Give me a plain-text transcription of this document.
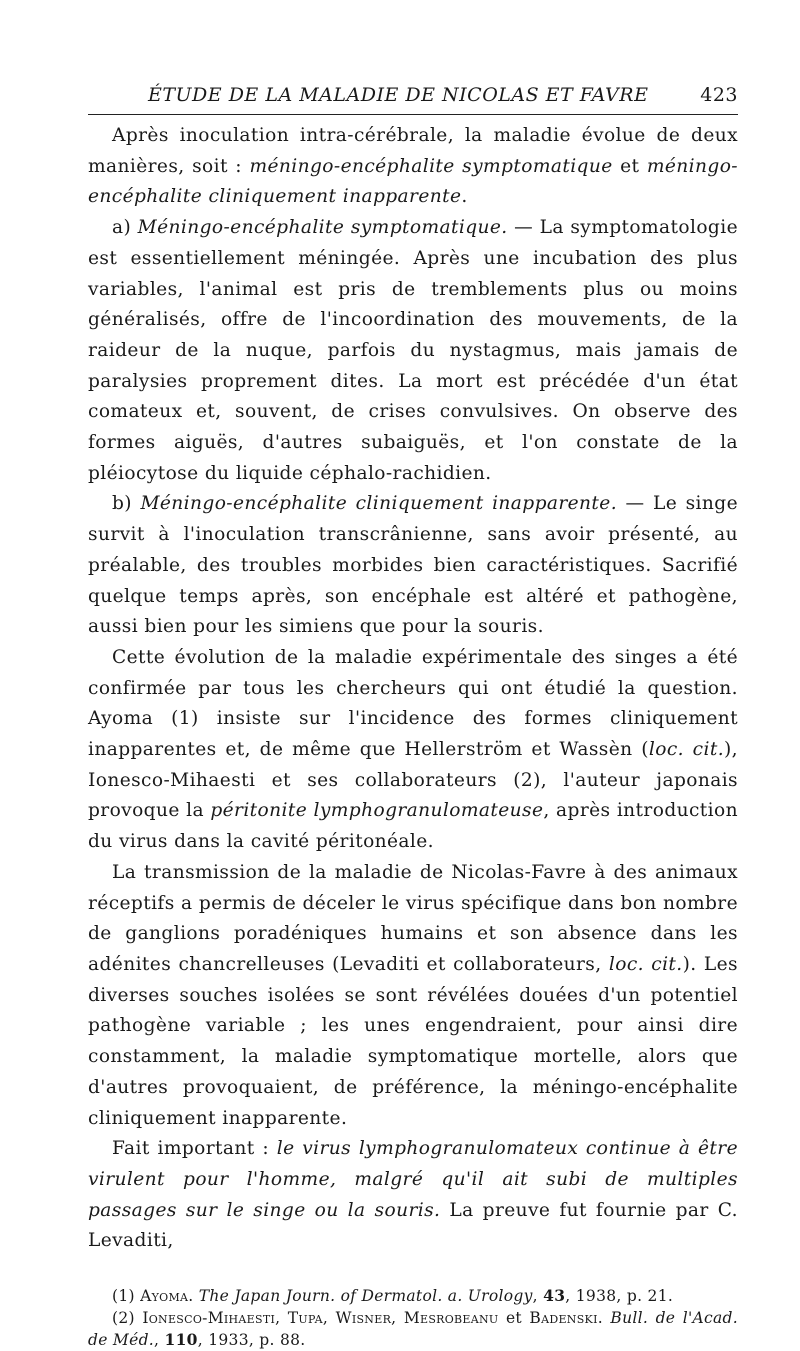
ÉTUDE DE LA MALADIE DE NICOLAS ET FAVRE	423

Après inoculation intra-cérébrale, la maladie évolue de deux manières, soit : méningo-encéphalite symptomatique et méningo-encéphalite cliniquement inapparente.

a) Méningo-encéphalite symptomatique. — La symptomatologie est essentiellement méningée. Après une incubation des plus variables, l'animal est pris de tremblements plus ou moins généralisés, offre de l'incoordination des mouvements, de la raideur de la nuque, parfois du nystagmus, mais jamais de paralysies proprement dites. La mort est précédée d'un état comateux et, souvent, de crises convulsives. On observe des formes aiguës, d'autres subaiguës, et l'on constate de la pléiocytose du liquide céphalo-rachidien.

b) Méningo-encéphalite cliniquement inapparente. — Le singe survit à l'inoculation transcrânienne, sans avoir présenté, au préalable, des troubles morbides bien caractéristiques. Sacrifié quelque temps après, son encéphale est altéré et pathogène, aussi bien pour les simiens que pour la souris.

Cette évolution de la maladie expérimentale des singes a été confirmée par tous les chercheurs qui ont étudié la question. Ayoma (1) insiste sur l'incidence des formes cliniquement inapparentes et, de même que Hellerström et Wassèn (loc. cit.), Ionesco-Mihaesti et ses collaborateurs (2), l'auteur japonais provoque la péritonite lymphogranulomateuse, après introduction du virus dans la cavité péritonéale.

La transmission de la maladie de Nicolas-Favre à des animaux réceptifs a permis de déceler le virus spécifique dans bon nombre de ganglions poradéniques humains et son absence dans les adénites chancrelleuses (Levaditi et collaborateurs, loc. cit.). Les diverses souches isolées se sont révélées douées d'un potentiel pathogène variable ; les unes engendraient, pour ainsi dire constamment, la maladie symptomatique mortelle, alors que d'autres provoquaient, de préférence, la méningo-encéphalite cliniquement inapparente.

Fait important : le virus lymphogranulomateux continue à être virulent pour l'homme, malgré qu'il ait subi de multiples passages sur le singe ou la souris. La preuve fut fournie par C. Levaditi,

(1) Ayoma. The Japan Journ. of Dermatol. a. Urology, 43, 1938, p. 21.

(2) Ionesco-Mihaesti, Tupa, Wisner, Mesrobeanu et Badenski. Bull. de l'Acad. de Méd., 110, 1933, p. 88.
